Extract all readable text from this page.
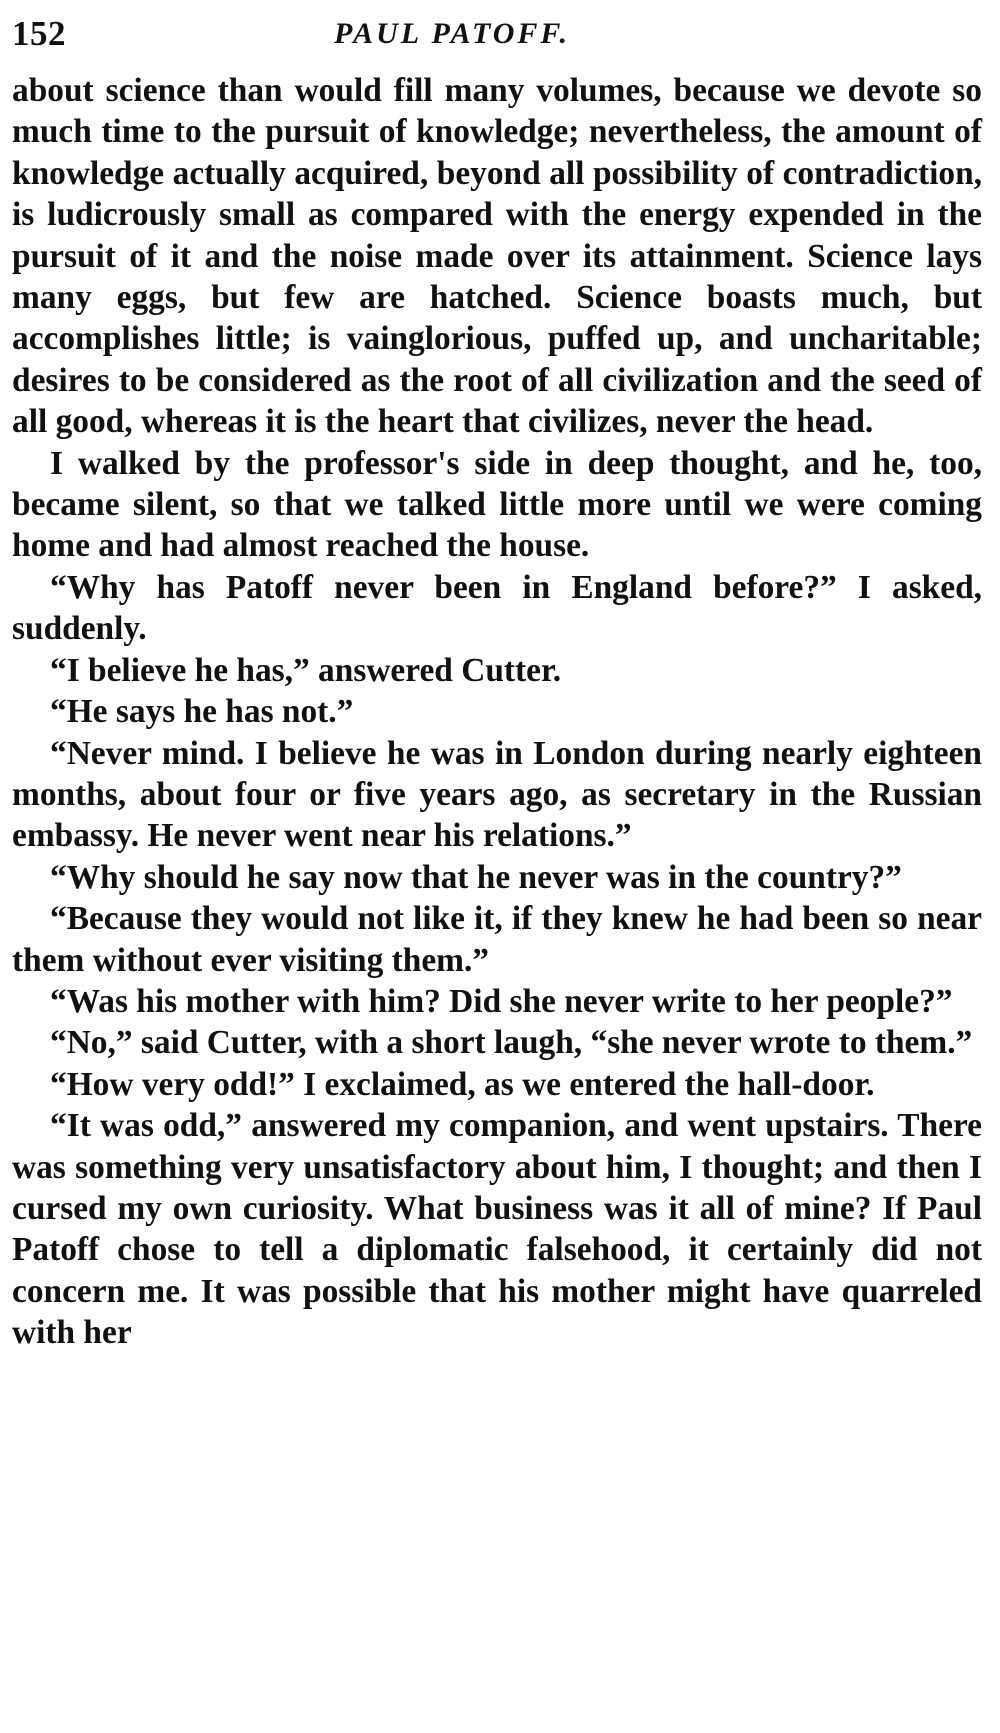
152	PAUL PATOFF.

about science than would fill many volumes, because we devote so much time to the pursuit of knowledge; nevertheless, the amount of knowledge actually acquired, beyond all possibility of contradiction, is ludicrously small as compared with the energy expended in the pursuit of it and the noise made over its attainment. Science lays many eggs, but few are hatched. Science boasts much, but accomplishes little; is vainglorious, puffed up, and uncharitable; desires to be considered as the root of all civilization and the seed of all good, whereas it is the heart that civilizes, never the head.

I walked by the professor's side in deep thought, and he, too, became silent, so that we talked little more until we were coming home and had almost reached the house.

“Why has Patoff never been in England before?” I asked, suddenly.

“I believe he has,” answered Cutter.

“He says he has not.”

“Never mind. I believe he was in London during nearly eighteen months, about four or five years ago, as secretary in the Russian embassy. He never went near his relations.”

“Why should he say now that he never was in the country?”

“Because they would not like it, if they knew he had been so near them without ever visiting them.”

“Was his mother with him? Did she never write to her people?”

“No,” said Cutter, with a short laugh, “she never wrote to them.”

“How very odd!” I exclaimed, as we entered the hall-door.

“It was odd,” answered my companion, and went upstairs. There was something very unsatisfactory about him, I thought; and then I cursed my own curiosity. What business was it all of mine? If Paul Patoff chose to tell a diplomatic falsehood, it certainly did not concern me. It was possible that his mother might have quarreled with her
